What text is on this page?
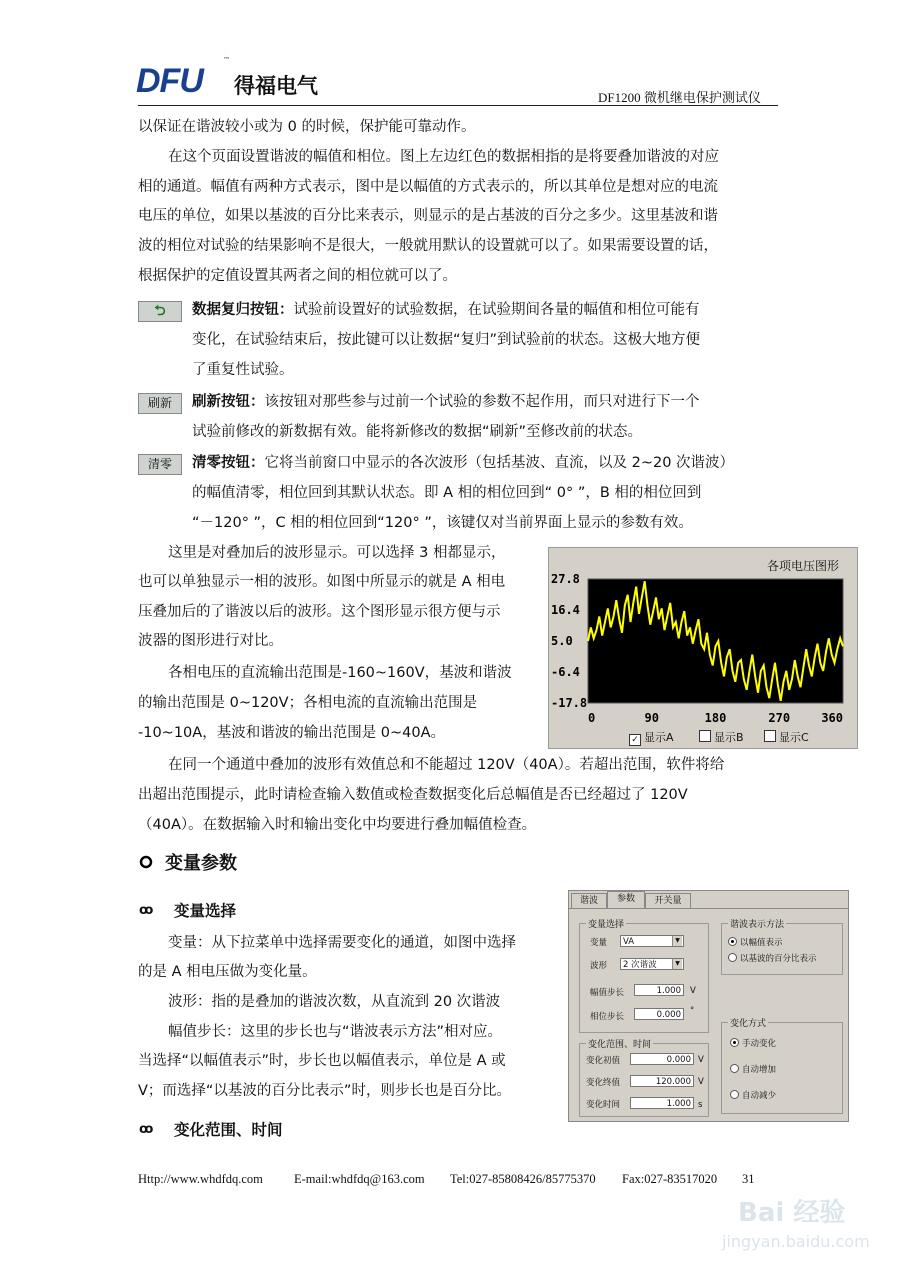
DFU
™
得福电气	DF1200 微机继电保护测试仪
以保证在谐波较小或为 0 的时候，保护能可靠动作。
在这个页面设置谐波的幅值和相位。图上左边红色的数据相指的是将要叠加谐波的对应
相的通道。幅值有两种方式表示，图中是以幅值的方式表示的，所以其单位是想对应的电流
电压的单位，如果以基波的百分比来表示，则显示的是占基波的百分之多少。这里基波和谐
波的相位对试验的结果影响不是很大，一般就用默认的设置就可以了。如果需要设置的话，
根据保护的定值设置其两者之间的相位就可以了。
⮌	数据复归按钮：试验前设置好的试验数据，在试验期间各量的幅值和相位可能有
变化，在试验结束后，按此键可以让数据“复归”到试验前的状态。这极大地方便
了重复性试验。
刷新	刷新按钮：该按钮对那些参与过前一个试验的参数不起作用，而只对进行下一个
试验前修改的新数据有效。能将新修改的数据“刷新”至修改前的状态。
清零	清零按钮：它将当前窗口中显示的各次波形（包括基波、直流，以及 2~20 次谐波）
的幅值清零，相位回到其默认状态。即 A 相的相位回到“ 0° ”，B 相的相位回到
“－120° ”，C 相的相位回到“120° ”，该键仅对当前界面上显示的参数有效。
这里是对叠加后的波形显示。可以选择 3 相都显示，
也可以单独显示一相的波形。如图中所显示的就是 A 相电
压叠加后的了谐波以后的波形。这个图形显示很方便与示
波器的图形进行对比。
各相电压的直流输出范围是-160~160V，基波和谐波
的输出范围是 0~120V；各相电流的直流输出范围是
-10~10A，基波和谐波的输出范围是 0~40A。
在同一个通道中叠加的波形有效值总和不能超过 120V（40A）。若超出范围，软件将给
出超出范围提示，此时请检查输入数值或检查数据变化后总幅值是否已经超过了 120V
（40A）。在数据输入时和输出变化中均要进行叠加幅值检查。
各项电压图形
27.8
16.4
5.0
-6.4
-17.8
0	90	180	270	360
✓ 显示A	显示B	显示C
变量参数
ꝏ 变量选择
变量：从下拉菜单中选择需要变化的通道，如图中选择
的是 A 相电压做为变化量。
波形：指的是叠加的谐波次数，从直流到 20 次谐波
幅值步长：这里的步长也与“谐波表示方法”相对应。
当选择“以幅值表示”时，步长也以幅值表示，单位是 A 或
V；而选择“以基波的百分比表示”时，则步长也是百分比。
ꝏ 变化范围、时间
谐波	参数	开关量
变量选择
变量	VA	▼
波形	2 次谐波	▼
幅值步长	1.000	V
相位步长	0.000	°
谐波表示方法
以幅值表示
以基波的百分比表示
变化范围、时间
变化初值	0.000 V
变化终值	120.000 V
变化时间	1.000 s
变化方式
手动变化
自动增加
自动减少
Http://www.whdfdq.com E-mail:whdfdq@163.com Tel:027-85808426/85775370 Fax:027-83517020 31
Bai 经验
jingyan.baidu.com
